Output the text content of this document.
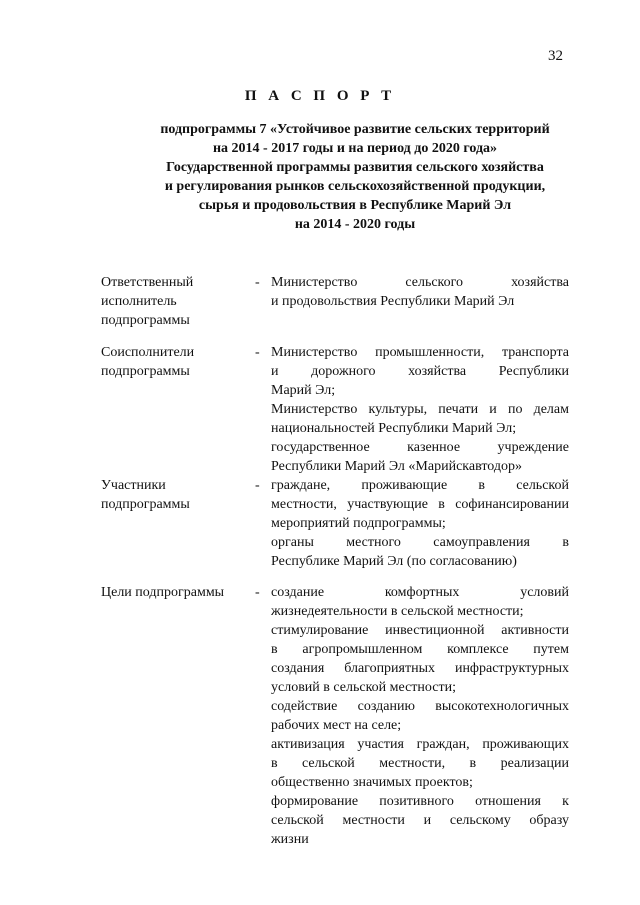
32
П А С П О Р Т
подпрограммы 7 «Устойчивое развитие сельских территорий
на 2014 - 2017 годы и на период до 2020 года»
Государственной программы развития сельского хозяйства
и регулирования рынков сельскохозяйственной продукции,
сырья и продовольствия в Республике Марий Эл
на 2014 - 2020 годы
Ответственный
исполнитель
подпрограммы
- Министерство сельского хозяйства
и продовольствия Республики Марий Эл
Соисполнители
подпрограммы
- Министерство промышленности, транспорта
и дорожного хозяйства Республики
Марий Эл;
Министерство культуры, печати и по делам
национальностей Республики Марий Эл;
государственное казенное учреждение
Республики Марий Эл «Марийскавтодор»
Участники
подпрограммы
- граждане, проживающие в сельской
местности, участвующие в софинансировании
мероприятий подпрограммы;
органы местного самоуправления в
Республике Марий Эл (по согласованию)
Цели подпрограммы	- создание комфортных условий
жизнедеятельности в сельской местности;
стимулирование инвестиционной активности
в агропромышленном комплексе путем
создания благоприятных инфраструктурных
условий в сельской местности;
содействие созданию высокотехнологичных
рабочих мест на селе;
активизация участия граждан, проживающих
в сельской местности, в реализации
общественно значимых проектов;
формирование позитивного отношения к
сельской местности и сельскому образу
жизни
